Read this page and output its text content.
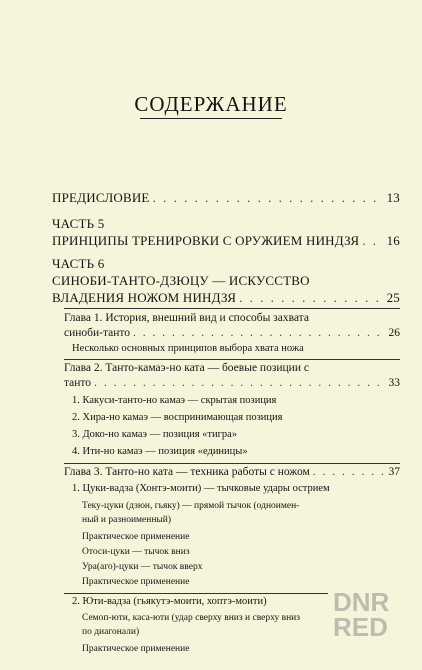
СОДЕРЖАНИЕ
ПРЕДИСЛОВИЕ . . .	13
ЧАСТЬ 5
ПРИНЦИПЫ ТРЕНИРОВКИ С ОРУЖИЕМ НИНДЗЯ . . . 16
ЧАСТЬ 6
СИНОБИ-ТАНТО-ДЗЮЦУ — ИСКУССТВО
ВЛАДЕНИЯ НОЖОМ НИНДЗЯ . . .	25
Глава 1. История, внешний вид и способы захвата
синоби-танто . . .	26
Несколько основных принципов выбора хвата ножа
Глава 2. Танто-камаэ-но ката — боевые позиции с
танто . . .	33
1. Какуси-танто-но камаэ — скрытая позиция
2. Хира-но камаэ — воспринимающая позиция
3. Доко-но камаэ — позиция «тигра»
4. Ити-но камаэ — позиция «единицы»
Глава 3. Танто-но ката — техника работы с ножом . . .	37
1. Цуки-вадза (Хонтэ-моити) — тычковые удары острием
Теку-цуки (дзюн, гьяку) — прямой тычок (одноимен-
ный и разноименный)
Практическое применение
Отоси-цуки — тычок вниз
Ура(аго)-цуки — тычок вверх
Практическое применение
2. Юти-вадза (гьякутэ-моити, хоптэ-моити)
Семоп-юти, каса-юти (удар сверху вниз и сверху вниз
по диагонали)
Практическое применение
DNR
RED
